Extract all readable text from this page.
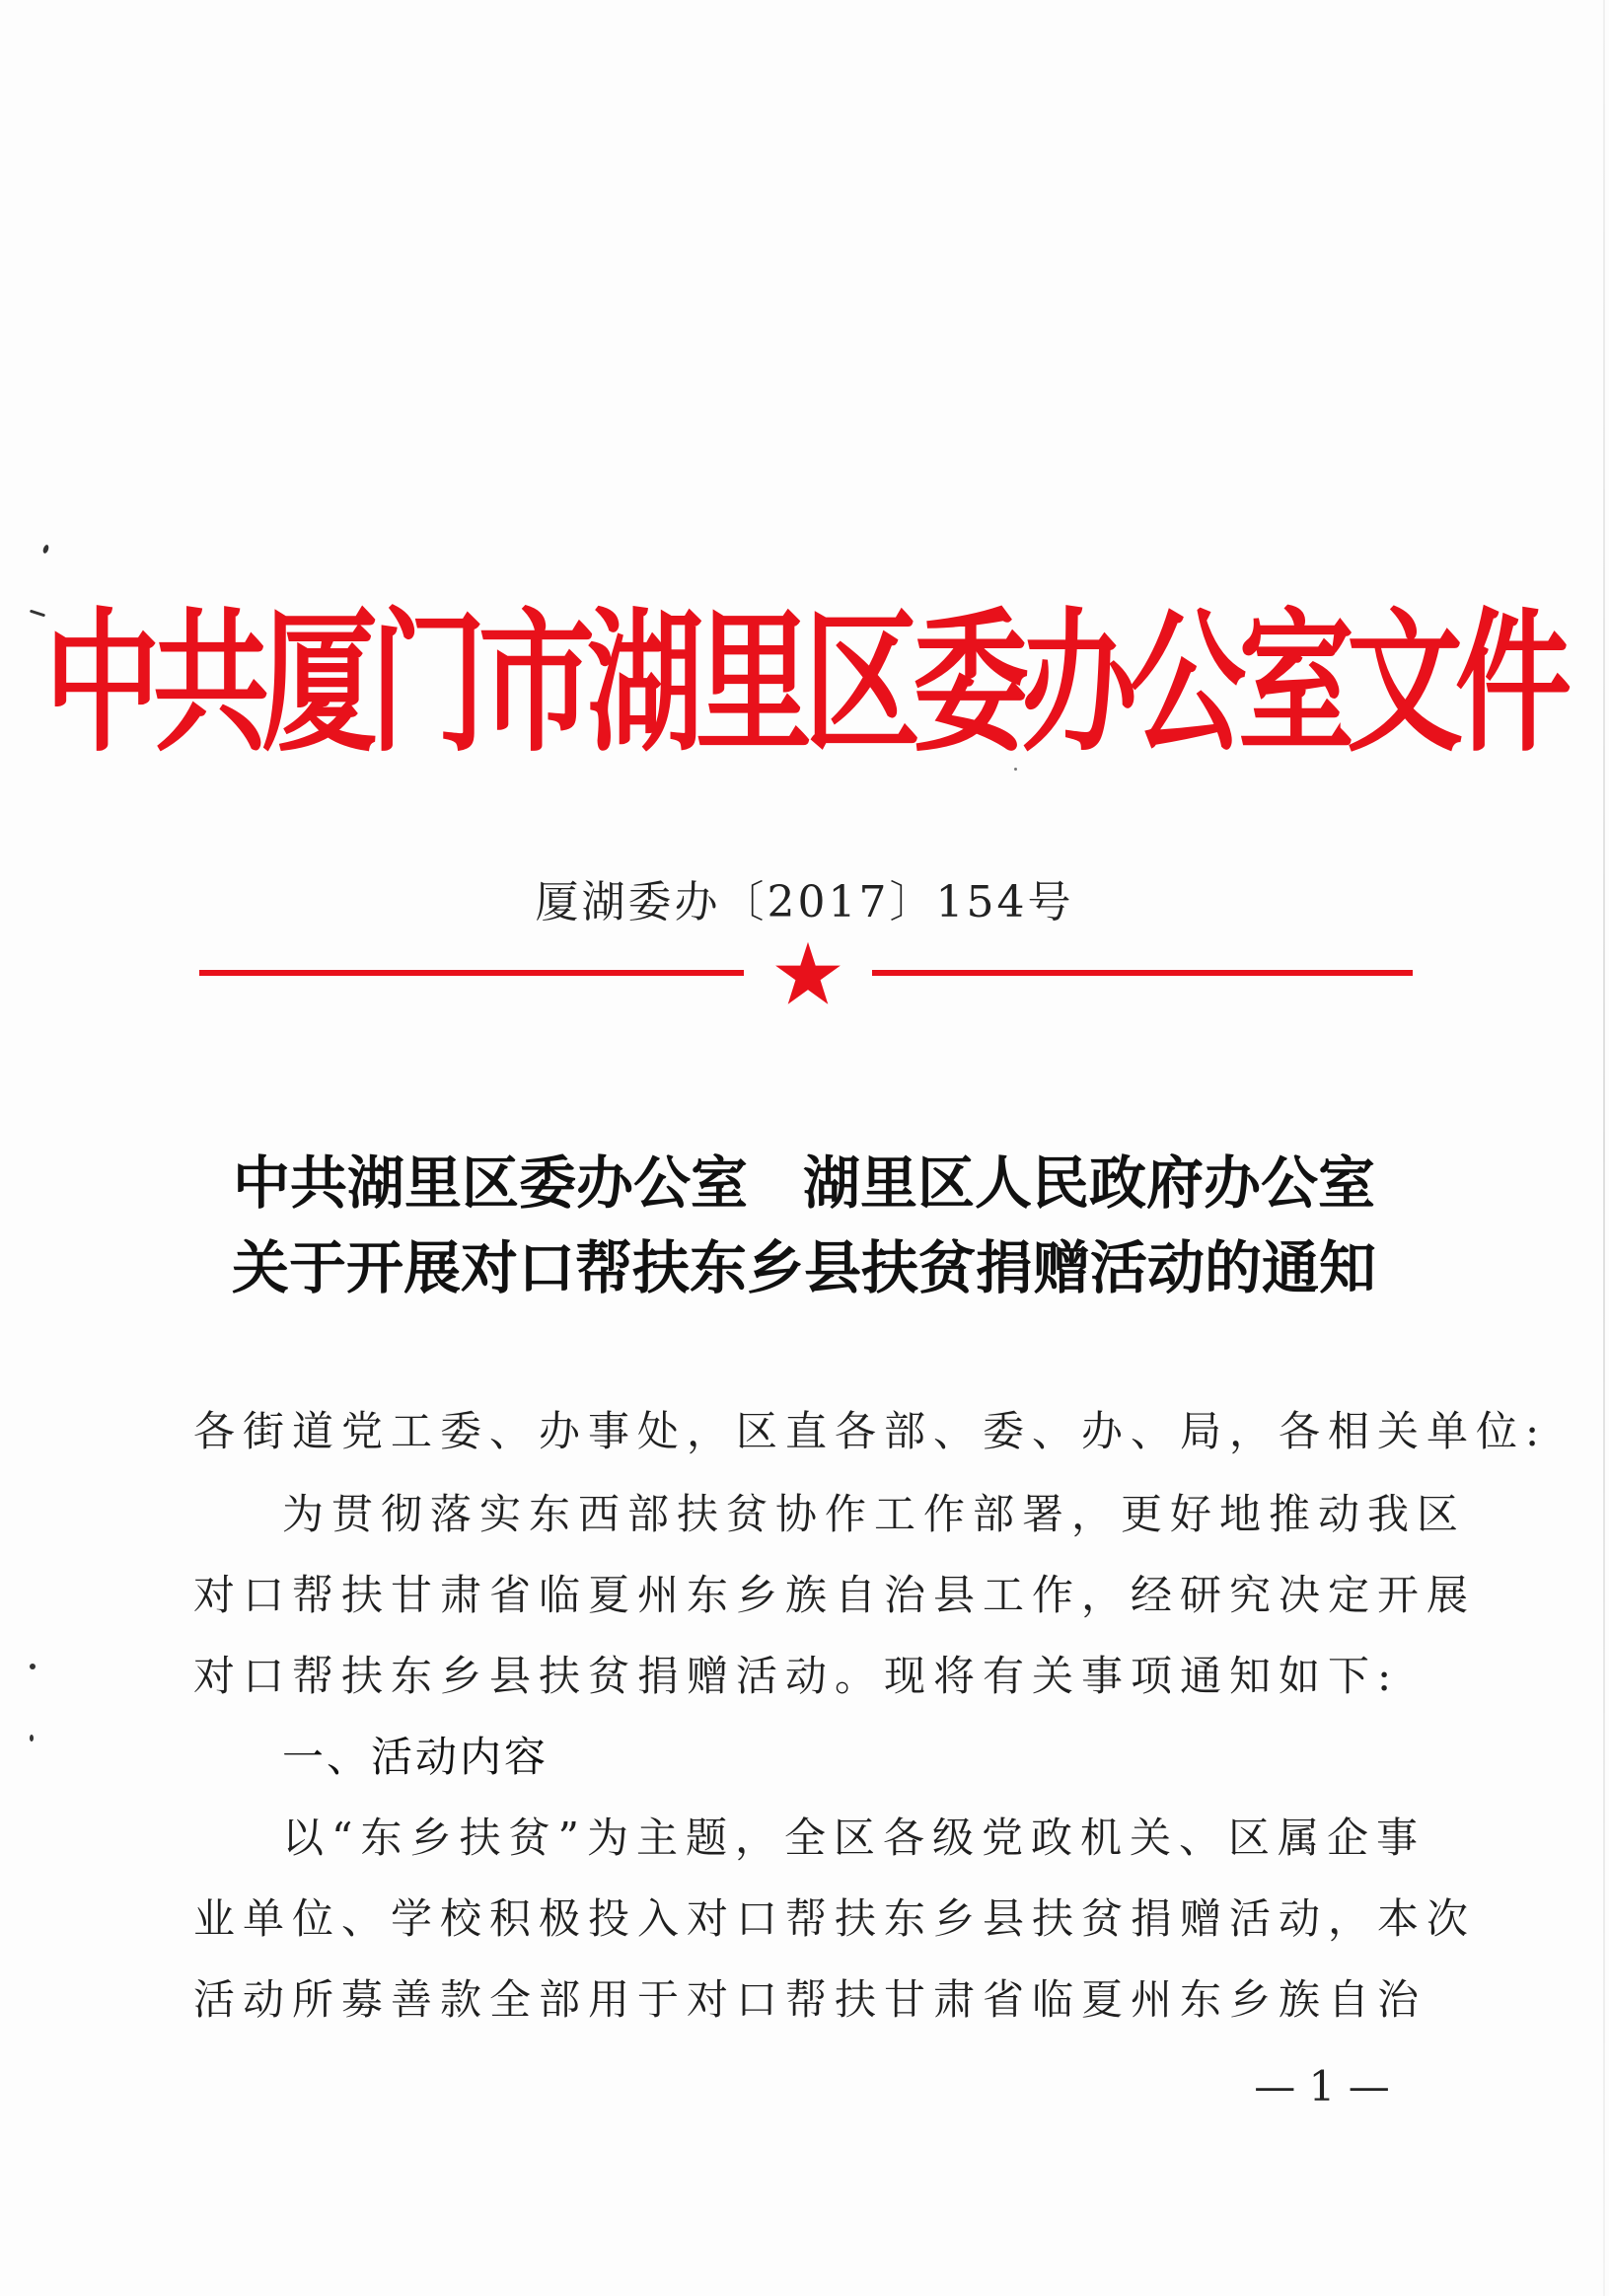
中共厦门市湖里区委办公室文件
厦湖委办〔2017〕154号
中共湖里区委办公室 湖里区人民政府办公室
关于开展对口帮扶东乡县扶贫捐赠活动的通知
各街道党工委、办事处，区直各部、委、办、局，各相关单位:
为贯彻落实东西部扶贫协作工作部署，更好地推动我区
对口帮扶甘肃省临夏州东乡族自治县工作，经研究决定开展
对口帮扶东乡县扶贫捐赠活动。现将有关事项通知如下:
一、活动内容
以“东乡扶贫”为主题，全区各级党政机关、区属企事
业单位、学校积极投入对口帮扶东乡县扶贫捐赠活动，本次
活动所募善款全部用于对口帮扶甘肃省临夏州东乡族自治
— 1 —
